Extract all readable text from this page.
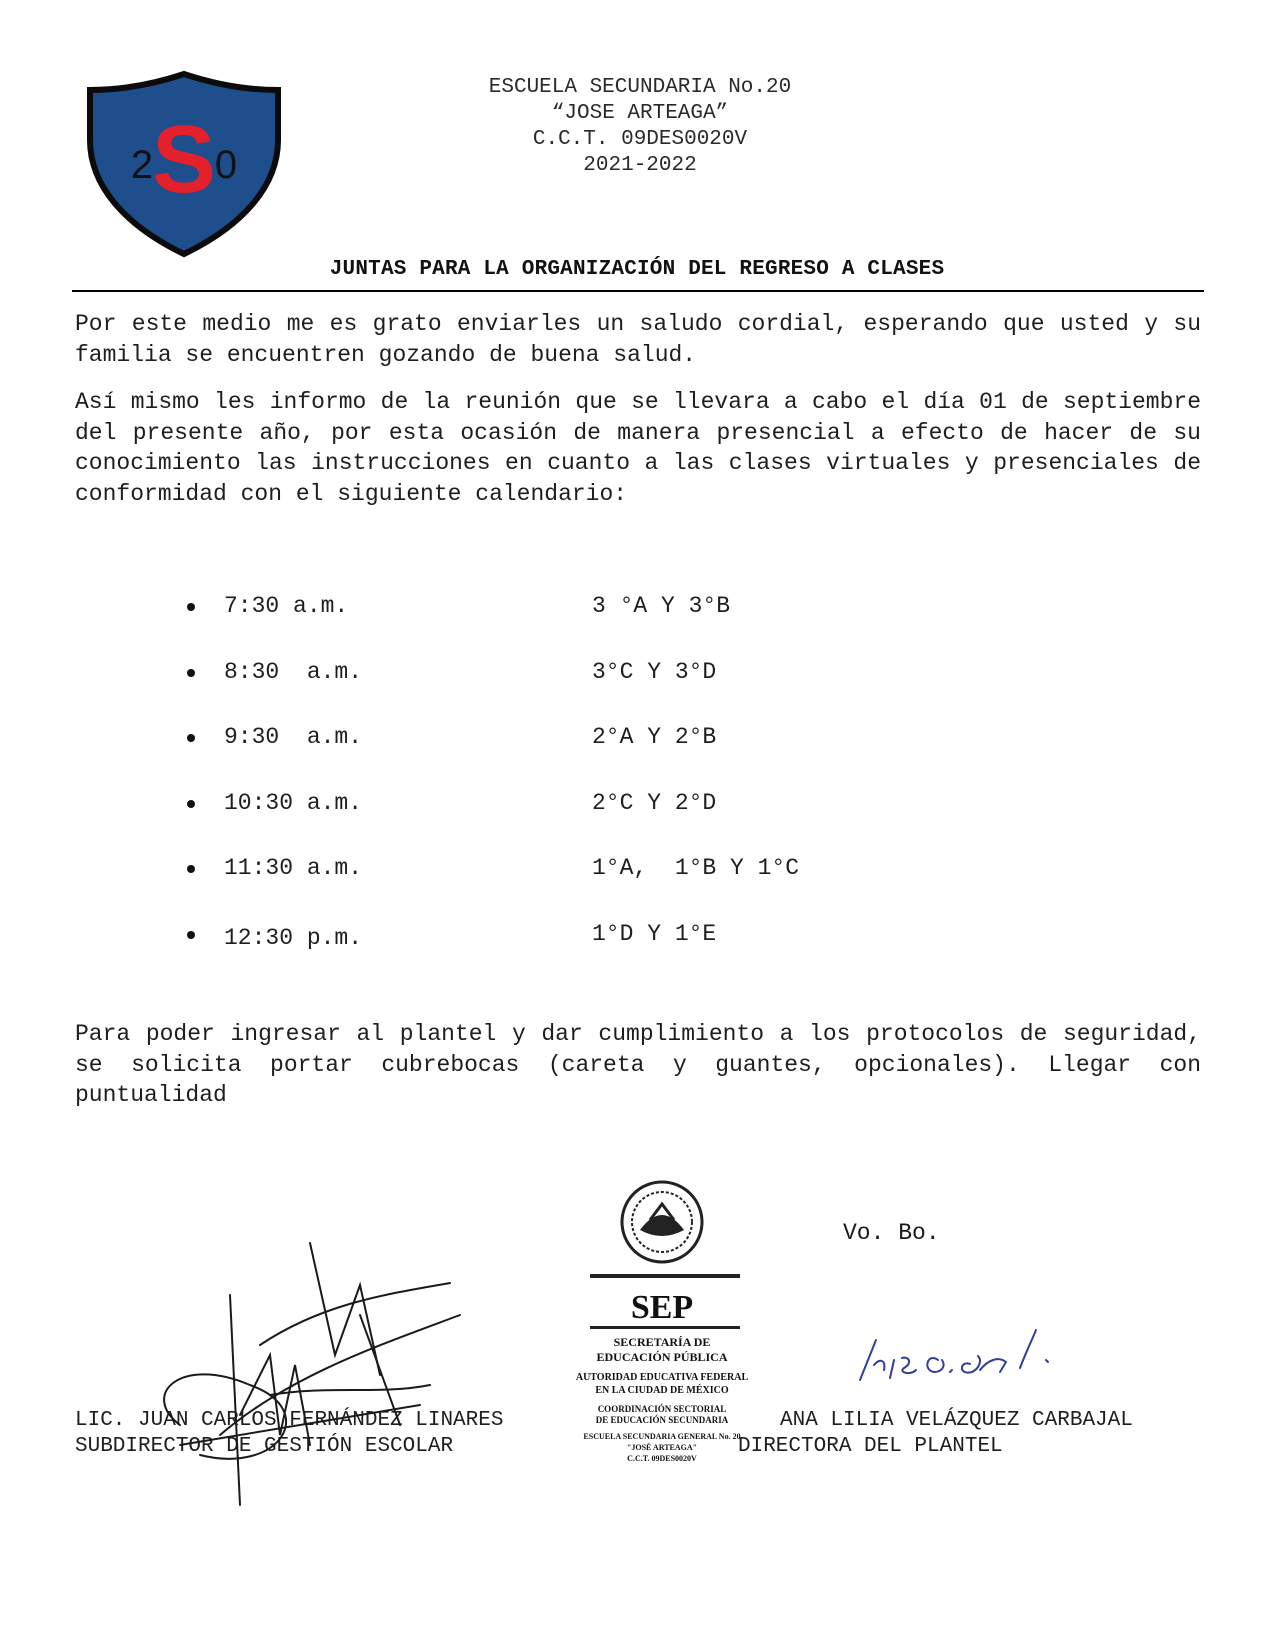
2
S
0
ESCUELA SECUNDARIA No.20
“JOSE ARTEAGA”
C.C.T. 09DES0020V
2021-2022
JUNTAS PARA LA ORGANIZACIÓN DEL REGRESO A CLASES
Por este medio me es grato enviarles un saludo cordial, esperando que usted y su familia se encuentren gozando de buena salud.
Así mismo les informo de la reunión que se llevara a cabo el día 01 de septiembre del presente año, por esta ocasión de manera presencial a efecto de hacer de su conocimiento las instrucciones en cuanto a las clases virtuales y presenciales de conformidad con el siguiente calendario:
7:30 a.m.	3 °A Y 3°B
8:30  a.m.	3°C Y 3°D
9:30  a.m.	2°A Y 2°B
10:30 a.m.	2°C Y 2°D
11:30 a.m.	1°A,  1°B Y 1°C
12:30 p.m.	1°D Y 1°E
Para poder ingresar al plantel y dar cumplimiento a los protocolos de seguridad, se solicita portar cubrebocas (careta y guantes, opcionales). Llegar con puntualidad
Vo. Bo.
SEP
SECRETARÍA DE
EDUCACIÓN PÚBLICA
AUTORIDAD EDUCATIVA FEDERAL
EN LA CIUDAD DE MÉXICO
COORDINACIÓN SECTORIAL
DE EDUCACIÓN SECUNDARIA
ESCUELA SECUNDARIA GENERAL No. 20
"JOSÉ ARTEAGA"
C.C.T. 09DES0020V
LIC. JUAN CARLOS FERNÁNDEZ LINARES
SUBDIRECTOR DE GESTIÓN ESCOLAR
ANA LILIA VELÁZQUEZ CARBAJAL
DIRECTORA DEL PLANTEL
